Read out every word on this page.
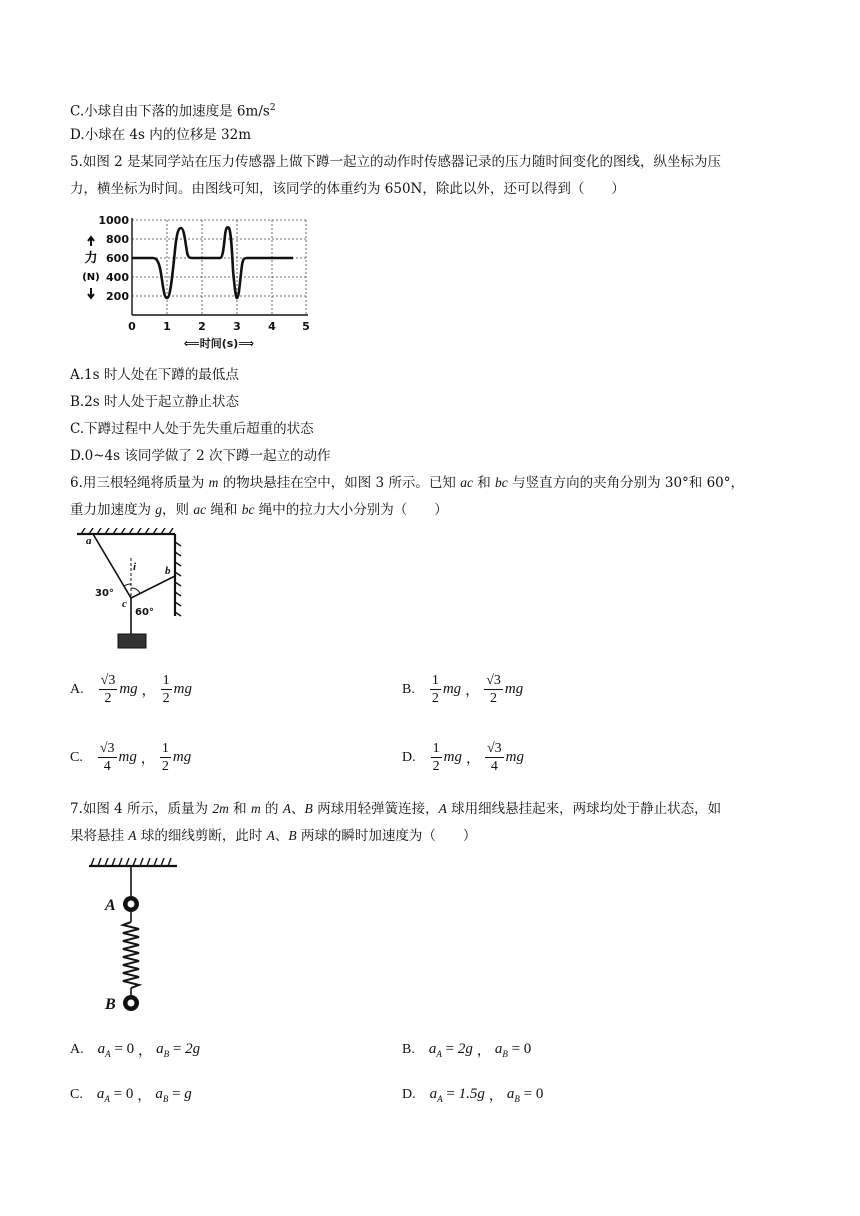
C.小球自由下落的加速度是 $6m/s^2$
D.小球在 4s 内的位移是 32m
5.如图 2 是某同学站在压力传感器上做下蹲一起立的动作时传感器记录的压力随时间变化的图线，纵坐标为压
力，横坐标为时间。由图线可知，该同学的体重约为 650N，除此以外，还可以得到（　　）
1000
800
600
400
200
力
(N)
0 1 2 3 4 5
⟸时间(s)⟹
A.1s 时人处在下蹲的最低点
B.2s 时人处于起立静止状态
C.下蹲过程中人处于先失重后超重的状态
D.0~4s 该同学做了 2 次下蹲一起立的动作
6.用三根轻绳将质量为 m 的物块悬挂在空中，如图 3 所示。已知 ac 和 bc 与竖直方向的夹角分别为 30°和 60°，
重力加速度为 g，则 ac 绳和 bc 绳中的拉力大小分别为（　　）
a
b
c
i
30°
60°
A. $\frac{√3}{2}$ mg ， $\frac{1}{2}$ mg	B. $\frac{1}{2}$ mg ， $\frac{√3}{2}$ mg
C. $\frac{√3}{4}$ mg ， $\frac{1}{2}$ mg	D. $\frac{1}{2}$ mg ， $\frac{√3}{4}$ mg
7.如图 4 所示，质量为 2m 和 m 的 A、B 两球用轻弹簧连接，A 球用细线悬挂起来，两球均处于静止状态，如
果将悬挂 A 球的细线剪断，此时 A、B 两球的瞬时加速度为（　　）
A
B
A. $a_A = 0$ ， $a_B = 2g$	B. $a_A = 2g$ ， $a_B = 0$
C. $a_A = 0$ ， $a_B = g$	D. $a_A = 1.5g$ ， $a_B = 0$
